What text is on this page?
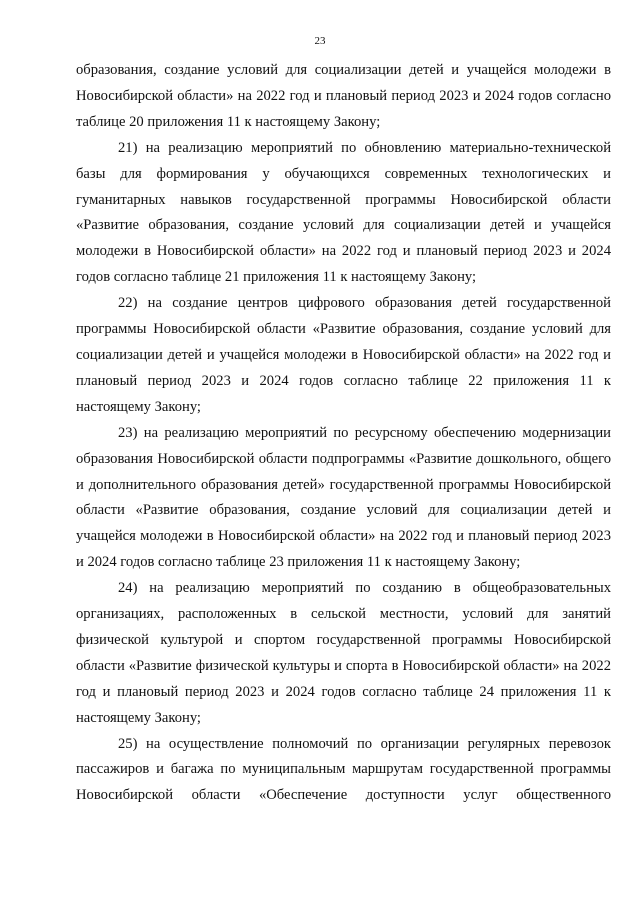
23

образования, создание условий для социализации детей и учащейся молодежи в Новосибирской области» на 2022 год и плановый период 2023 и 2024 годов согласно таблице 20 приложения 11 к настоящему Закону;

21) на реализацию мероприятий по обновлению материально-технической базы для формирования у обучающихся современных технологических и гуманитарных навыков государственной программы Новосибирской области «Развитие образования, создание условий для социализации детей и учащейся молодежи в Новосибирской области» на 2022 год и плановый период 2023 и 2024 годов согласно таблице 21 приложения 11 к настоящему Закону;

22) на создание центров цифрового образования детей государственной программы Новосибирской области «Развитие образования, создание условий для социализации детей и учащейся молодежи в Новосибирской области» на 2022 год и плановый период 2023 и 2024 годов согласно таблице 22 приложения 11 к настоящему Закону;

23) на реализацию мероприятий по ресурсному обеспечению модернизации образования Новосибирской области подпрограммы «Развитие дошкольного, общего и дополнительного образования детей» государственной программы Новосибирской области «Развитие образования, создание условий для социализации детей и учащейся молодежи в Новосибирской области» на 2022 год и плановый период 2023 и 2024 годов согласно таблице 23 приложения 11 к настоящему Закону;

24) на реализацию мероприятий по созданию в общеобразовательных организациях, расположенных в сельской местности, условий для занятий физической культурой и спортом государственной программы Новосибирской области «Развитие физической культуры и спорта в Новосибирской области» на 2022 год и плановый период 2023 и 2024 годов согласно таблице 24 приложения 11 к настоящему Закону;

25) на осуществление полномочий по организации регулярных перевозок пассажиров и багажа по муниципальным маршрутам государственной программы Новосибирской области «Обеспечение доступности услуг общественного
